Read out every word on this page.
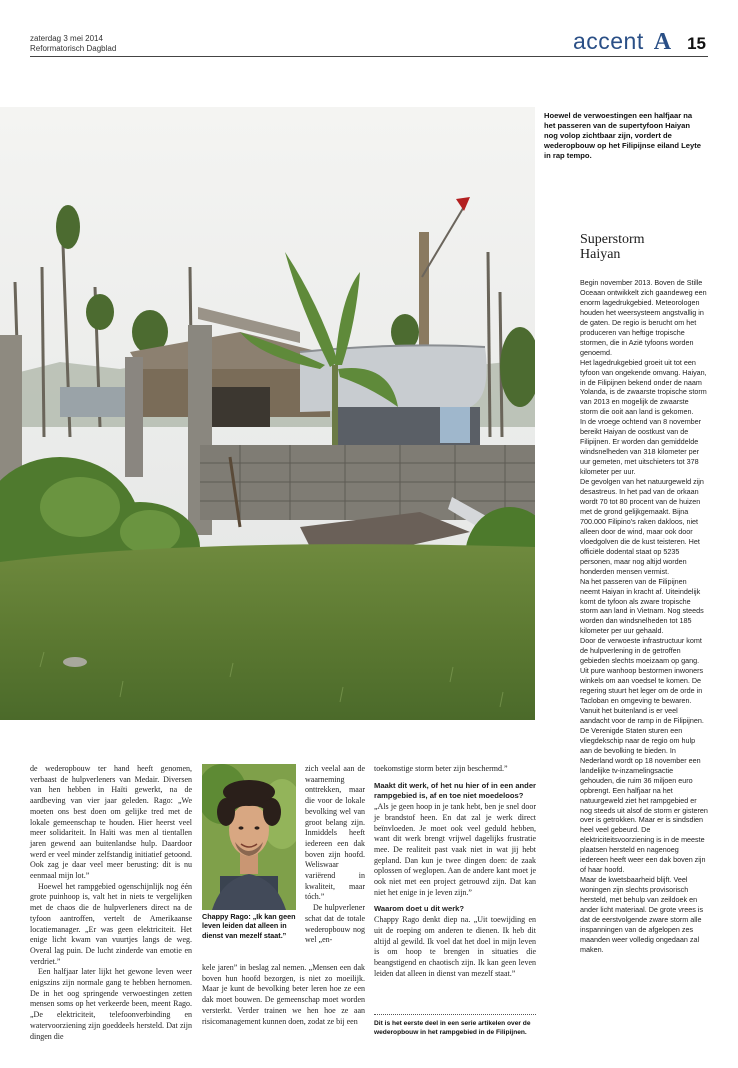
zaterdag 3 mei 2014
Reformatorisch Dagblad	accent A 15
Hoewel de verwoestingen een halfjaar na het passeren van de supertyfoon Haiyan nog volop zichtbaar zijn, vordert de wederopbouw op het Filipijnse eiland Leyte in rap tempo.
Superstorm
Haiyan

Begin november 2013. Boven de Stille Oceaan ontwikkelt zich gaandeweg een enorm lagedrukgebied. Meteorologen houden het weersysteem angstvallig in de gaten. De regio is berucht om het produceren van heftige tropische stormen, die in Azië tyfoons worden genoemd.

Het lagedrukgebied groeit uit tot een tyfoon van ongekende omvang. Haiyan, in de Filipijnen bekend onder de naam Yolanda, is de zwaarste tropische storm van 2013 en mogelijk de zwaarste storm die ooit aan land is gekomen.

In de vroege ochtend van 8 november bereikt Haiyan de oostkust van de Filipijnen. Er worden dan gemiddelde windsnelheden van 318 kilometer per uur gemeten, met uitschieters tot 378 kilometer per uur.

De gevolgen van het natuurgeweld zijn desastreus. In het pad van de orkaan wordt 70 tot 80 procent van de huizen met de grond gelijkgemaakt. Bijna 700.000 Filipino's raken dakloos, niet alleen door de wind, maar ook door vloedgolven die de kust teisteren. Het officiële dodental staat op 5235 personen, maar nog altijd worden honderden mensen vermist.

Na het passeren van de Filipijnen neemt Haiyan in kracht af. Uiteindelijk komt de tyfoon als zware tropische storm aan land in Vietnam. Nog steeds worden dan windsnelheden tot 185 kilometer per uur gehaald.

Door de verwoeste infrastructuur komt de hulpverlening in de getroffen gebieden slechts moeizaam op gang. Uit pure wanhoop bestormen inwoners winkels om aan voedsel te komen. De regering stuurt het leger om de orde in Tacloban en omgeving te bewaren. Vanuit het buitenland is er veel aandacht voor de ramp in de Filipijnen. De Verenigde Staten sturen een vliegdekschip naar de regio om hulp aan de bevolking te bieden. In Nederland wordt op 18 november een landelijke tv-inzamelingsactie gehouden, die ruim 36 miljoen euro opbrengt. Een halfjaar na het natuurgeweld ziet het rampgebied er nog steeds uit alsof de storm er gisteren over is getrokken. Maar er is sindsdien heel veel gebeurd. De elektriciteitsvoorziening is in de meeste plaatsen hersteld en nagenoeg iedereen heeft weer een dak boven zijn of haar hoofd.

Maar de kwetsbaarheid blijft. Veel woningen zijn slechts provisorisch hersteld, met behulp van zeildoek en ander licht materiaal. De grote vrees is dat de eerstvolgende zware storm alle inspanningen van de afgelopen zes maanden weer volledig ongedaan zal maken.

de wederopbouw ter hand heeft genomen, verbaast de hulpverleners van Medair. Diversen van hen hebben in Haïti gewerkt, na de aardbeving van vier jaar geleden. Rago: „We moeten ons best doen om gelijke tred met de lokale gemeenschap te houden. Hier heerst veel meer solidariteit. In Haïti was men al tientallen jaren gewend aan buitenlandse hulp. Daardoor werd er veel minder zelfstandig initiatief getoond. Ook zag je daar veel meer berusting: dit is nu eenmaal mijn lot.”

Hoewel het rampgebied ogenschijnlijk nog één grote puinhoop is, valt het in niets te vergelijken met de chaos die de hulpverleners direct na de tyfoon aantroffen, vertelt de Amerikaanse locatiemanager. „Er was geen elektriciteit. Het enige licht kwam van vuurtjes langs de weg. Overal lag puin. De lucht zinderde van emotie en verdriet.”

Een halfjaar later lijkt het gewone leven weer enigszins zijn normale gang te hebben hernomen. De in het oog springende verwoestingen zetten mensen soms op het verkeerde been, meent Rago. „De elektriciteit, telefoonverbinding en watervoorziening zijn goeddeels hersteld. Dat zijn dingen die

Chappy Rago: „Ik kan geen leven leiden dat alleen in dienst van mezelf staat.”

zich veelal aan de waarneming onttrekken, maar die voor de lokale bevolking wel van groot belang zijn. Inmiddels heeft iedereen een dak boven zijn hoofd. Weliswaar variërend in kwaliteit, maar tóch.”

De hulpverlener schat dat de totale wederopbouw nog wel „en-

kele jaren” in beslag zal nemen. „Mensen een dak boven hun hoofd bezorgen, is niet zo moeilijk. Maar je kunt de bevolking beter leren hoe ze een dak moet bouwen. De gemeenschap moet worden versterkt. Verder trainen we hen hoe ze aan risicomanagement kunnen doen, zodat ze bij een

toekomstige storm beter zijn beschermd.”

Maakt dit werk, of het nu hier of in een ander rampgebied is, af en toe niet moedeloos?

„Als je geen hoop in je tank hebt, ben je snel door je brandstof heen. En dat zal je werk direct beïnvloeden. Je moet ook veel geduld hebben, want dit werk brengt vrijwel dagelijks frustratie mee. De realiteit past vaak niet in wat jij hebt gepland. Dan kun je twee dingen doen: de zaak oplossen of weglopen. Aan de andere kant moet je ook niet met een project getrouwd zijn. Dat kan niet het enige in je leven zijn.”

Waarom doet u dit werk?

Chappy Rago denkt diep na. „Uit toewijding en uit de roeping om anderen te dienen. Ik heb dit altijd al gewild. Ik voel dat het doel in mijn leven is om hoop te brengen in situaties die beangstigend en chaotisch zijn. Ik kan geen leven leiden dat alleen in dienst van mezelf staat.”

Dit is het eerste deel in een serie artikelen over de wederopbouw in het rampgebied in de Filipijnen.
